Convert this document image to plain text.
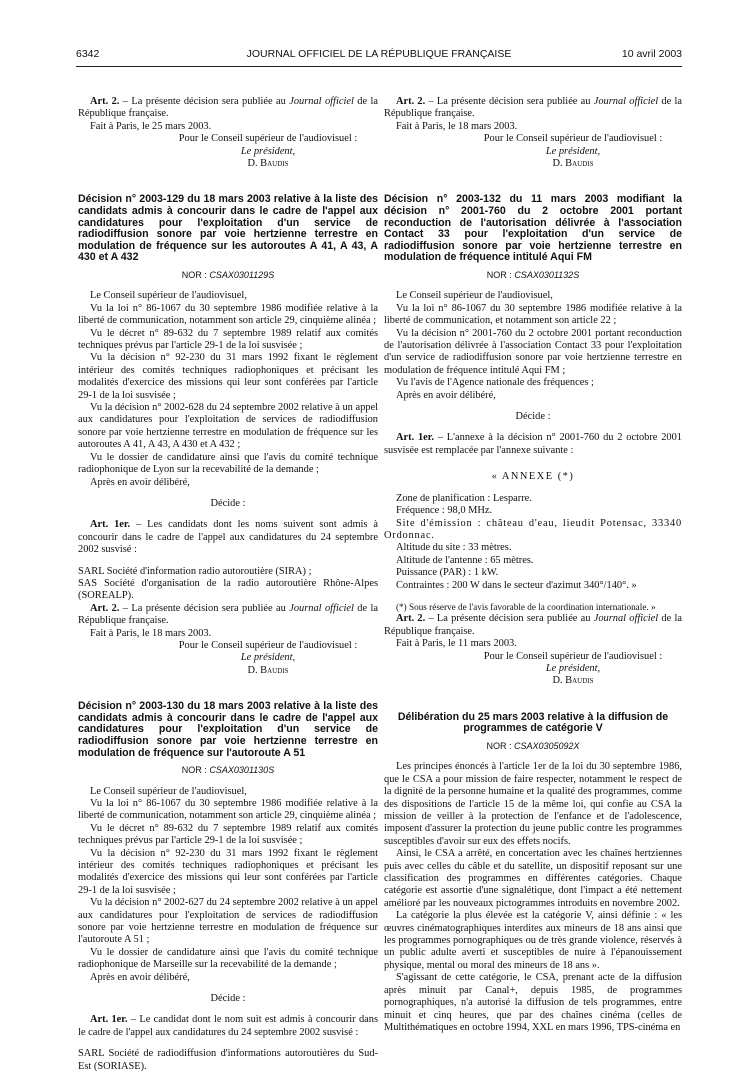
6342	JOURNAL OFFICIEL DE LA RÉPUBLIQUE FRANÇAISE	10 avril 2003

Art. 2. – La présente décision sera publiée au Journal officiel de la République française.

Fait à Paris, le 25 mars 2003.

Pour le Conseil supérieur de l'audiovisuel :

Le président,

D. Baudis

Décision n° 2003-129 du 18 mars 2003 relative à la liste des candidats admis à concourir dans le cadre de l'appel aux candidatures pour l'exploitation d'un service de radiodiffusion sonore par voie hertzienne terrestre en modulation de fréquence sur les autoroutes A 41, A 43, A 430 et A 432

NOR : CSAX0301129S

Le Conseil supérieur de l'audiovisuel,

Vu la loi n° 86-1067 du 30 septembre 1986 modifiée relative à la liberté de communication, notamment son article 29, cinquième alinéa ;

Vu le décret n° 89-632 du 7 septembre 1989 relatif aux comités techniques prévus par l'article 29-1 de la loi susvisée ;

Vu la décision n° 92-230 du 31 mars 1992 fixant le règlement intérieur des comités techniques radiophoniques et précisant les modalités d'exercice des missions qui leur sont conférées par l'article 29-1 de la loi susvisée ;

Vu la décision n° 2002-628 du 24 septembre 2002 relative à un appel aux candidatures pour l'exploitation de services de radiodiffusion sonore par voie hertzienne terrestre en modulation de fréquence sur les autoroutes A 41, A 43, A 430 et A 432 ;

Vu le dossier de candidature ainsi que l'avis du comité technique radiophonique de Lyon sur la recevabilité de la demande ;

Après en avoir délibéré,

Décide :

Art. 1er. – Les candidats dont les noms suivent sont admis à concourir dans le cadre de l'appel aux candidatures du 24 septembre 2002 susvisé :

SARL Société d'information radio autoroutière (SIRA) ;

SAS Société d'organisation de la radio autoroutière Rhône-Alpes (SOREALP).

Art. 2. – La présente décision sera publiée au Journal officiel de la République française.

Fait à Paris, le 18 mars 2003.

Pour le Conseil supérieur de l'audiovisuel :

Le président,

D. Baudis

Décision n° 2003-130 du 18 mars 2003 relative à la liste des candidats admis à concourir dans le cadre de l'appel aux candidatures pour l'exploitation d'un service de radiodiffusion sonore par voie hertzienne terrestre en modulation de fréquence sur l'autoroute A 51

NOR : CSAX0301130S

Le Conseil supérieur de l'audiovisuel,

Vu la loi n° 86-1067 du 30 septembre 1986 modifiée relative à la liberté de communication, notamment son article 29, cinquième alinéa ;

Vu le décret n° 89-632 du 7 septembre 1989 relatif aux comités techniques prévus par l'article 29-1 de la loi susvisée ;

Vu la décision n° 92-230 du 31 mars 1992 fixant le règlement intérieur des comités techniques radiophoniques et précisant les modalités d'exercice des missions qui leur sont conférées par l'article 29-1 de la loi susvisée ;

Vu la décision n° 2002-627 du 24 septembre 2002 relative à un appel aux candidatures pour l'exploitation de services de radiodiffusion sonore par voie hertzienne terrestre en modulation de fréquence sur l'autoroute A 51 ;

Vu le dossier de candidature ainsi que l'avis du comité technique radiophonique de Marseille sur la recevabilité de la demande ;

Après en avoir délibéré,

Décide :

Art. 1er. – Le candidat dont le nom suit est admis à concourir dans le cadre de l'appel aux candidatures du 24 septembre 2002 susvisé :

SARL Société de radiodiffusion d'informations autoroutières du Sud-Est (SORIASE).

Art. 2. – La présente décision sera publiée au Journal officiel de la République française.

Fait à Paris, le 18 mars 2003.

Pour le Conseil supérieur de l'audiovisuel :

Le président,

D. Baudis

Décision n° 2003-132 du 11 mars 2003 modifiant la décision n° 2001-760 du 2 octobre 2001 portant reconduction de l'autorisation délivrée à l'association Contact 33 pour l'exploitation d'un service de radiodiffusion sonore par voie hertzienne terrestre en modulation de fréquence intitulé Aqui FM

NOR : CSAX0301132S

Le Conseil supérieur de l'audiovisuel,

Vu la loi n° 86-1067 du 30 septembre 1986 modifiée relative à la liberté de communication, et notamment son article 22 ;

Vu la décision n° 2001-760 du 2 octobre 2001 portant reconduction de l'autorisation délivrée à l'association Contact 33 pour l'exploitation d'un service de radiodiffusion sonore par voie hertzienne terrestre en modulation de fréquence intitulé Aqui FM ;

Vu l'avis de l'Agence nationale des fréquences ;

Après en avoir délibéré,

Décide :

Art. 1er. – L'annexe à la décision n° 2001-760 du 2 octobre 2001 susvisée est remplacée par l'annexe suivante :

« ANNEXE (*)

Zone de planification : Lesparre.

Fréquence : 98,0 MHz.

Site d'émission : château d'eau, lieudit Potensac, 33340 Ordonnac.

Altitude du site : 33 mètres.

Altitude de l'antenne : 65 mètres.

Puissance (PAR) : 1 kW.

Contraintes : 200 W dans le secteur d'azimut 340°/140°. »

(*) Sous réserve de l'avis favorable de la coordination internationale. »

Art. 2. – La présente décision sera publiée au Journal officiel de la République française.

Fait à Paris, le 11 mars 2003.

Pour le Conseil supérieur de l'audiovisuel :

Le président,

D. Baudis

Délibération du 25 mars 2003 relative à la diffusion de programmes de catégorie V

NOR : CSAX0305092X

Les principes énoncés à l'article 1er de la loi du 30 septembre 1986, que le CSA a pour mission de faire respecter, notamment le respect de la dignité de la personne humaine et la qualité des programmes, comme des dispositions de l'article 15 de la même loi, qui confie au CSA la mission de veiller à la protection de l'enfance et de l'adolescence, imposent d'assurer la protection du jeune public contre les programmes susceptibles d'avoir sur eux des effets nocifs.

Ainsi, le CSA a arrêté, en concertation avec les chaînes hertziennes puis avec celles du câble et du satellite, un dispositif reposant sur une classification des programmes en différentes catégories. Chaque catégorie est assortie d'une signalétique, dont l'impact a été nettement amélioré par les nouveaux pictogrammes introduits en novembre 2002.

La catégorie la plus élevée est la catégorie V, ainsi définie : « les œuvres cinématographiques interdites aux mineurs de 18 ans ainsi que les programmes pornographiques ou de très grande violence, réservés à un public adulte averti et susceptibles de nuire à l'épanouissement physique, mental ou moral des mineurs de 18 ans ».

S'agissant de cette catégorie, le CSA, prenant acte de la diffusion après minuit par Canal+, depuis 1985, de programmes pornographiques, n'a autorisé la diffusion de tels programmes, entre minuit et cinq heures, que par des chaînes cinéma (celles de Multithématiques en octobre 1994, XXL en mars 1996, TPS-cinéma en
